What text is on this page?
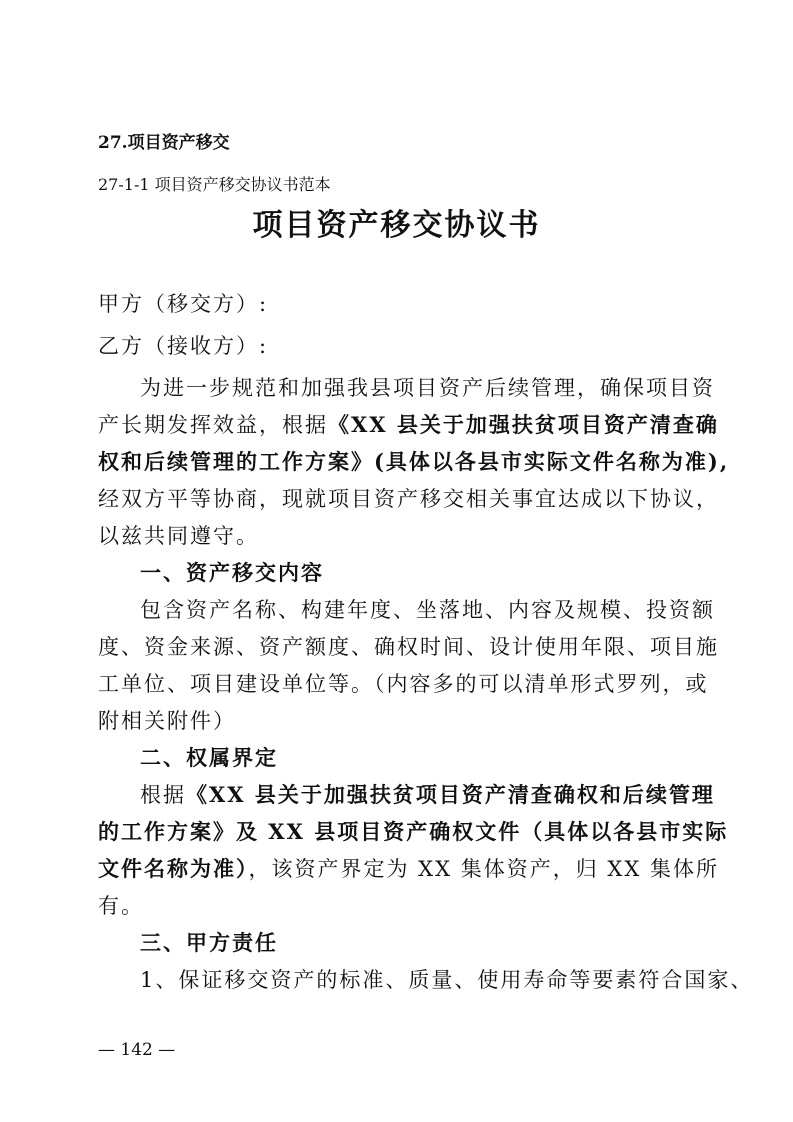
27.项目资产移交
27-1-1 项目资产移交协议书范本
项目资产移交协议书
甲方（移交方）:
乙方（接收方）:
为进一步规范和加强我县项目资产后续管理，确保项目资
产长期发挥效益，根据《XX 县关于加强扶贫项目资产清查确
权和后续管理的工作方案》(具体以各县市实际文件名称为准),
经双方平等协商，现就项目资产移交相关事宜达成以下协议，
以兹共同遵守。
一、资产移交内容
包含资产名称、构建年度、坐落地、内容及规模、投资额
度、资金来源、资产额度、确权时间、设计使用年限、项目施
工单位、项目建设单位等。（内容多的可以清单形式罗列，或
附相关附件）
二、权属界定
根据《XX 县关于加强扶贫项目资产清查确权和后续管理
的工作方案》及 XX 县项目资产确权文件（具体以各县市实际
文件名称为准），该资产界定为 XX 集体资产，归 XX 集体所
有。
三、甲方责任
1、保证移交资产的标准、质量、使用寿命等要素符合国家、
— 142 —
